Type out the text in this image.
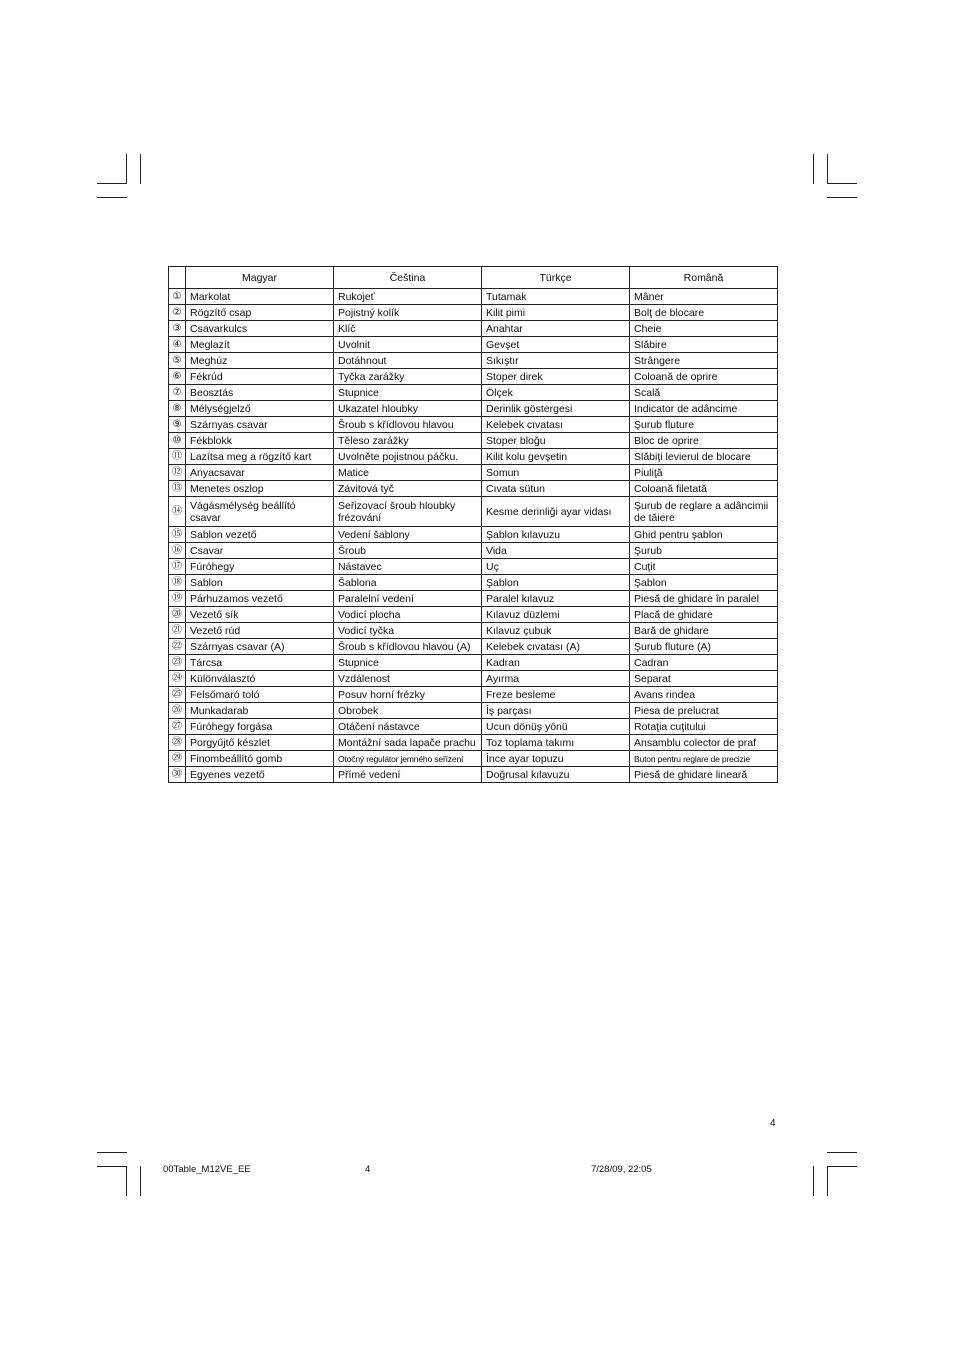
	Magyar	Čeština	Türkçe	Română
①	Markolat	Rukojeť	Tutamak	Mâner
②	Rögzítő csap	Pojistný kolík	Kilit pimi	Bolţ de blocare
③	Csavarkulcs	Klíč	Anahtar	Cheie
④	Meglazít	Uvolnit	Gevşet	Slăbire
⑤	Meghúz	Dotáhnout	Sıkıştır	Strângere
⑥	Fékrúd	Tyčka zarážky	Stoper direk	Coloană de oprire
⑦	Beosztás	Stupnice	Ölçek	Scală
⑧	Mélységjelző	Ukazatel hloubky	Derinlik göstergesi	Indicator de adâncime
⑨	Szárnyas csavar	Šroub s křídlovou hlavou	Kelebek cıvatası	Şurub fluture
⑩	Fékblokk	Těleso zarážky	Stoper bloğu	Bloc de oprire
⑪	Lazítsa meg a rögzítő kart	Uvolněte pojistnou páčku.	Kilit kolu gevşetin	Slăbiţi levierul de blocare
⑫	Anyacsavar	Matice	Somun	Piuliţă
⑬	Menetes oszlop	Závitová tyč	Cıvata sütun	Coloană filetată
⑭	Vágásmélység beállító csavar	Seřizovací šroub hloubky frézování	Kesme derinliği ayar vidası	Şurub de reglare a adâncimii de tăiere
⑮	Sablon vezető	Vedení šablony	Şablon kılavuzu	Ghid pentru şablon
⑯	Csavar	Šroub	Vida	Şurub
⑰	Fúróhegy	Nástavec	Uç	Cuţit
⑱	Sablon	Šablona	Şablon	Şablon
⑲	Párhuzamos vezető	Paralelní vedení	Paralel kılavuz	Piesă de ghidare în paralel
⑳	Vezető sík	Vodicí plocha	Kılavuz düzlemi	Placă de ghidare
㉑	Vezető rúd	Vodicí tyčka	Kılavuz çubuk	Bară de ghidare
㉒	Szárnyas csavar (A)	Šroub s křídlovou hlavou (A)	Kelebek cıvatası (A)	Şurub fluture (A)
㉓	Tárcsa	Stupnice	Kadran	Cadran
㉔	Különválasztó	Vzdálenost	Ayırma	Separat
㉕	Felsőmaró toló	Posuv horní frézky	Freze besleme	Avans rindea
㉖	Munkadarab	Obrobek	İş parçası	Piesa de prelucrat
㉗	Fúróhegy forgása	Otáčení nástavce	Ucun dönüş yönü	Rotaţia cuţitului
㉘	Porgyűjtő készlet	Montážní sada lapače prachu	Toz toplama takımı	Ansamblu colector de praf
㉙	Finombeállító gomb	Otočný regulátor jemného seřízení	İnce ayar topuzu	Buton pentru reglare de precizie
㉚	Egyenes vezető	Přímé vedení	Doğrusal kılavuzu	Piesă de ghidare lineară
4
00Table_M12VE_EE	4	7/28/09, 22:05
